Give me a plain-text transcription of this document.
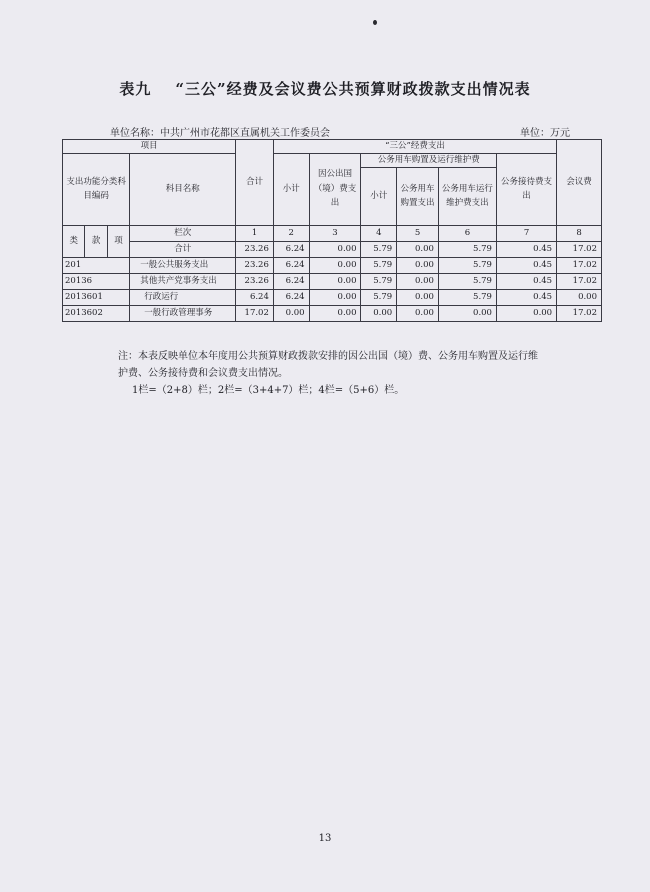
表九 “三公”经费及会议费公共预算财政拨款支出情况表
单位名称：中共广州市花都区直属机关工作委员会	单位：万元
项目				合计	“三公”经费支出						会议费
支出功能分类科目编码			科目名称		小计	因公出国（境）费支出	公务用车购置及运行维护费			公务接待费支出	
							小计	公务用车购置支出	公务用车运行维护费支出		
类	款	项	栏次	1	2	3	4	5	6	7	8
			合计	23.26	6.24	0.00	5.79	0.00	5.79	0.45	17.02
201			一般公共服务支出	23.26	6.24	0.00	5.79	0.00	5.79	0.45	17.02
20136			其他共产党事务支出	23.26	6.24	0.00	5.79	0.00	5.79	0.45	17.02
2013601			行政运行	6.24	6.24	0.00	5.79	0.00	5.79	0.45	0.00
2013602			一般行政管理事务	17.02	0.00	0.00	0.00	0.00	0.00	0.00	17.02
注：本表反映单位本年度用公共预算财政拨款安排的因公出国（境）费、公务用车购置及运行维
护费、公务接待费和会议费支出情况。
1栏=（2+8）栏；2栏=（3+4+7）栏；4栏=（5+6）栏。
13
